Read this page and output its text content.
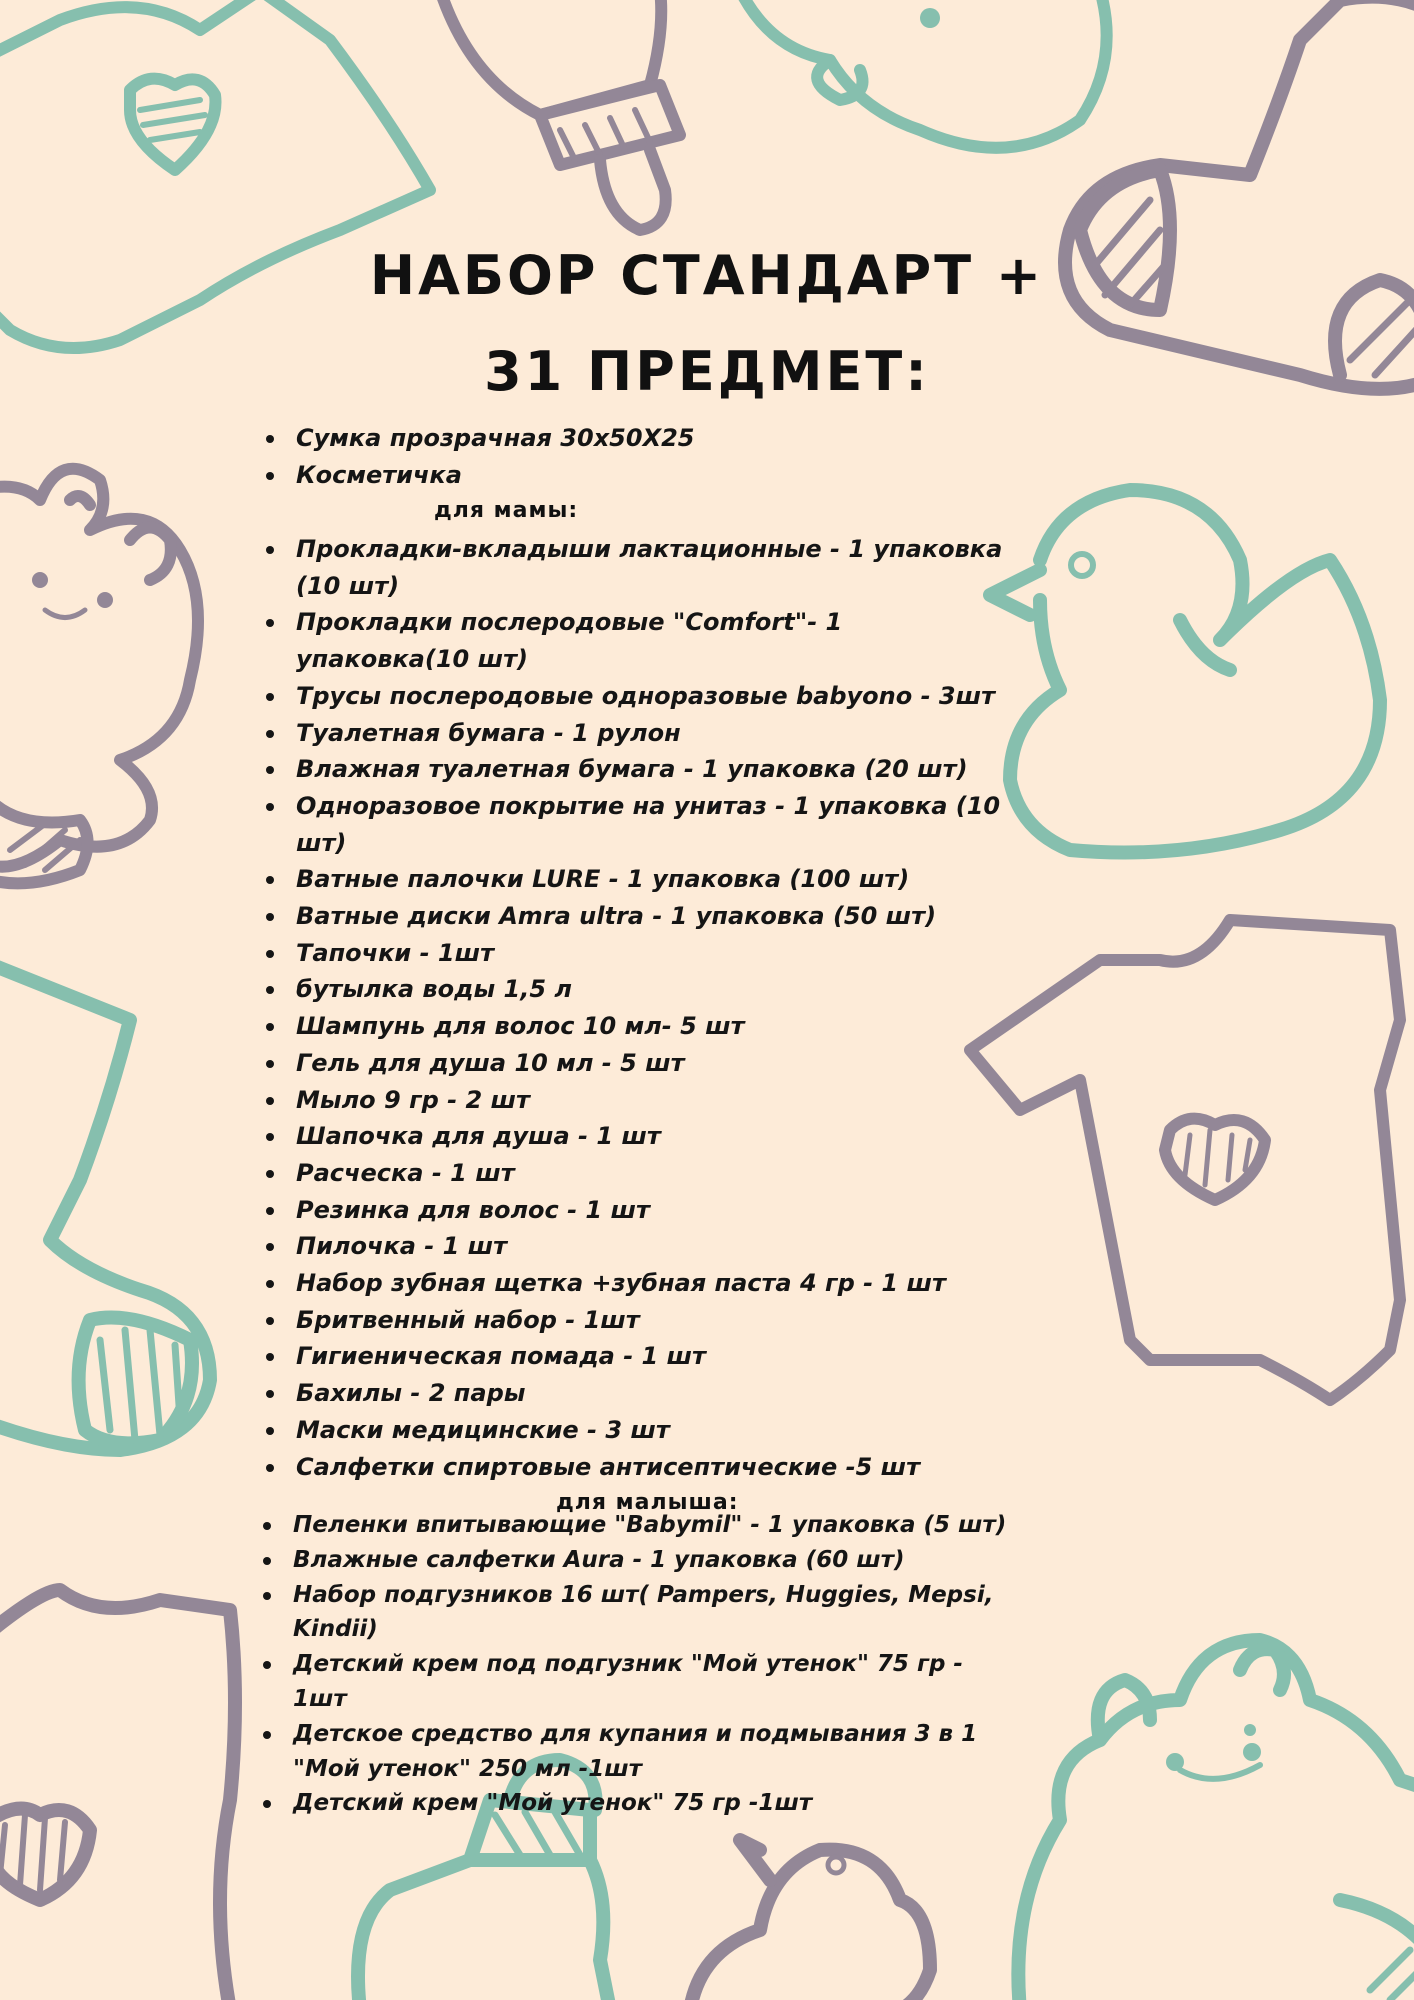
НАБОР СТАНДАРТ +
31 ПРЕДМЕТ:
Сумка прозрачная 30х50Х25
Косметичка
для мамы:
Прокладки-вкладыши лактационные - 1 упаковка (10 шт)
Прокладки послеродовые "Comfort"- 1 упаковка(10 шт)
Трусы послеродовые одноразовые babyono - 3шт
Туалетная бумага - 1 рулон
Влажная туалетная бумага - 1 упаковка (20 шт)
Одноразовое покрытие на унитаз - 1 упаковка (10 шт)
Ватные палочки LURE - 1 упаковка (100 шт)
Ватные диски Amra ultra - 1 упаковка (50 шт)
Тапочки - 1шт
бутылка воды 1,5 л
Шампунь для волос 10 мл- 5 шт
Гель для душа 10 мл - 5 шт
Мыло 9 гр - 2 шт
Шапочка для душа - 1 шт
Расческа - 1 шт
Резинка для волос - 1 шт
Пилочка - 1 шт
Набор зубная щетка +зубная паста 4 гр - 1 шт
Бритвенный набор - 1шт
Гигиеническая помада - 1 шт
Бахилы - 2 пары
Маски медицинские - 3 шт
Салфетки спиртовые антисептические -5 шт
для малыша:
Пеленки впитывающие "Babymil" - 1 упаковка (5 шт)
Влажные салфетки Aura - 1 упаковка (60 шт)
Набор подгузников 16 шт( Pampers, Huggies, Mepsi, Kindii)
Детский крем под подгузник "Мой утенок" 75 гр - 1шт
Детское средство для купания и подмывания 3 в 1 "Мой утенок" 250 мл -1шт
Детский крем "Мой утенок" 75 гр -1шт
